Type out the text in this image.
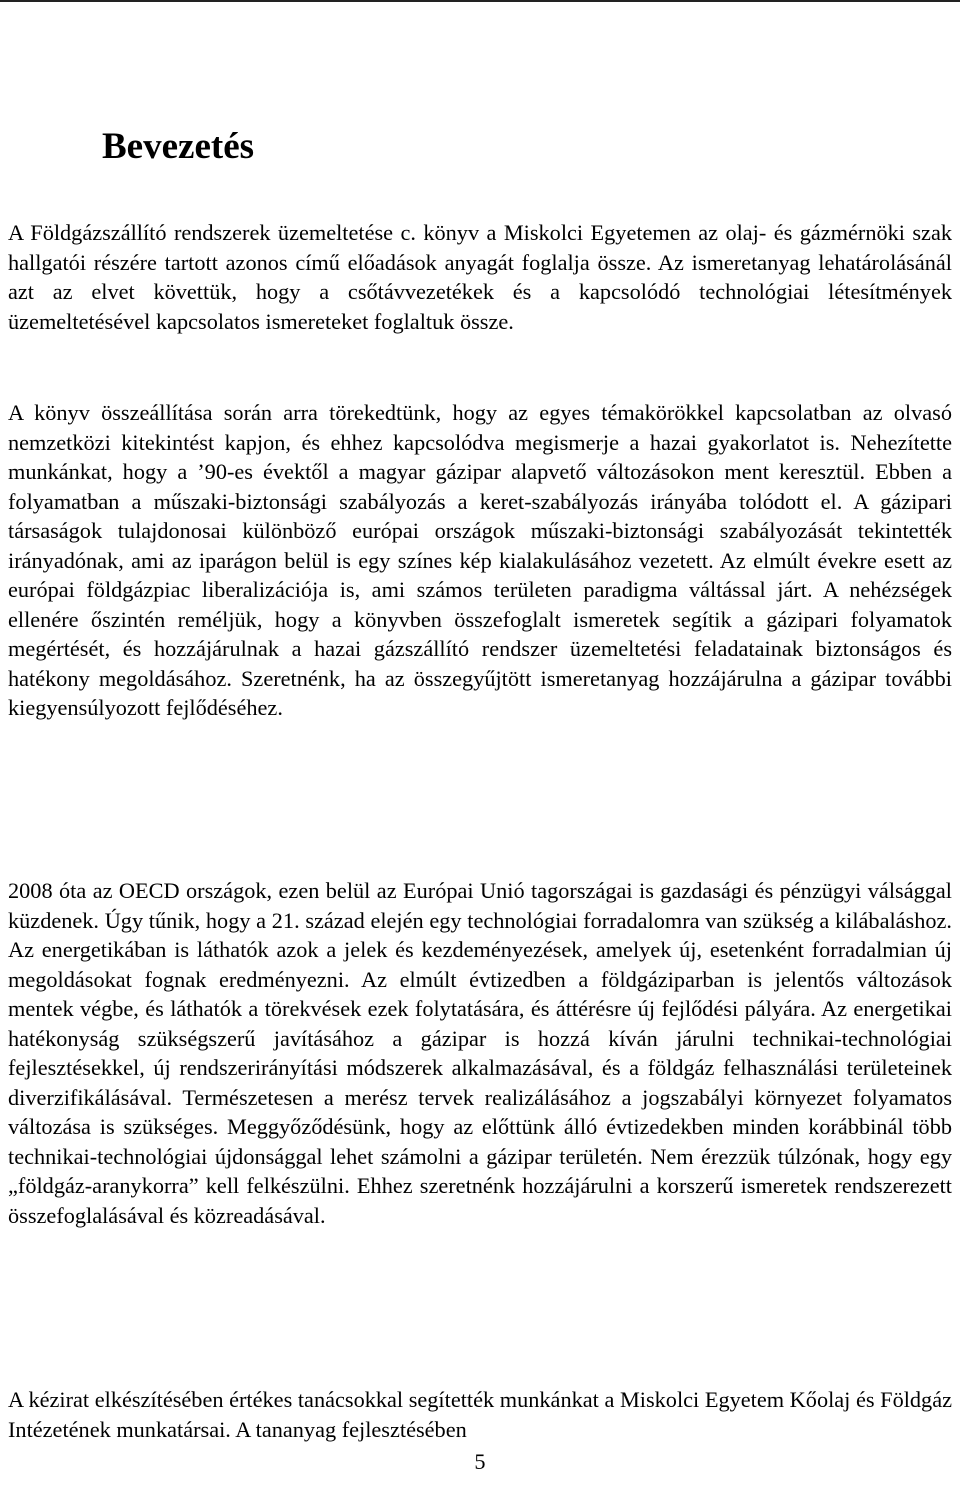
Bevezetés

A Földgázszállító rendszerek üzemeltetése c. könyv a Miskolci Egyetemen az olaj- és gázmérnöki szak hallgatói részére tartott azonos című előadások anyagát foglalja össze. Az ismeretanyag lehatárolásánál azt az elvet követtük, hogy a csőtávvezetékek és a kapcsolódó technológiai létesítmények üzemeltetésével kapcsolatos ismereteket foglaltuk össze.

A könyv összeállítása során arra törekedtünk, hogy az egyes témakörökkel kapcsolatban az olvasó nemzetközi kitekintést kapjon, és ehhez kapcsolódva megismerje a hazai gyakorlatot is. Nehezítette munkánkat, hogy a ’90-es évektől a magyar gázipar alapvető változásokon ment keresztül. Ebben a folyamatban a műszaki-biztonsági szabályozás a keret-szabályozás irányába tolódott el. A gázipari társaságok tulajdonosai különböző európai országok műszaki-biztonsági szabályozását tekintették irányadónak, ami az iparágon belül is egy színes kép kialakulásához vezetett. Az elmúlt évekre esett az európai földgázpiac liberalizációja is, ami számos területen paradigma váltással járt. A nehézségek ellenére őszintén reméljük, hogy a könyvben összefoglalt ismeretek segítik a gázipari folyamatok megértését, és hozzájárulnak a hazai gázszállító rendszer üzemeltetési feladatainak biztonságos és hatékony megoldásához. Szeretnénk, ha az összegyűjtött ismeretanyag hozzájárulna a gázipar további kiegyensúlyozott fejlődéséhez.

2008 óta az OECD országok, ezen belül az Európai Unió tagországai is gazdasági és pénzügyi válsággal küzdenek. Úgy tűnik, hogy a 21. század elején egy technológiai forradalomra van szükség a kilábaláshoz. Az energetikában is láthatók azok a jelek és kezdeményezések, amelyek új, esetenként forradalmian új megoldásokat fognak eredményezni. Az elmúlt évtizedben a földgáziparban is jelentős változások mentek végbe, és láthatók a törekvések ezek folytatására, és áttérésre új fejlődési pályára. Az energetikai hatékonyság szükségszerű javításához a gázipar is hozzá kíván járulni technikai-technológiai fejlesztésekkel, új rendszerirányítási módszerek alkalmazásával, és a földgáz felhasználási területeinek diverzifikálásával. Természetesen a merész tervek realizálásához a jogszabályi környezet folyamatos változása is szükséges. Meggyőződésünk, hogy az előttünk álló évtizedekben minden korábbinál több technikai-technológiai újdonsággal lehet számolni a gázipar területén. Nem érezzük túlzónak, hogy egy „földgáz-aranykorra” kell felkészülni. Ehhez szeretnénk hozzájárulni a korszerű ismeretek rendszerezett összefoglalásával és közreadásával.

A kézirat elkészítésében értékes tanácsokkal segítették munkánkat a Miskolci Egyetem Kőolaj és Földgáz Intézetének munkatársai. A tananyag fejlesztésében

5
